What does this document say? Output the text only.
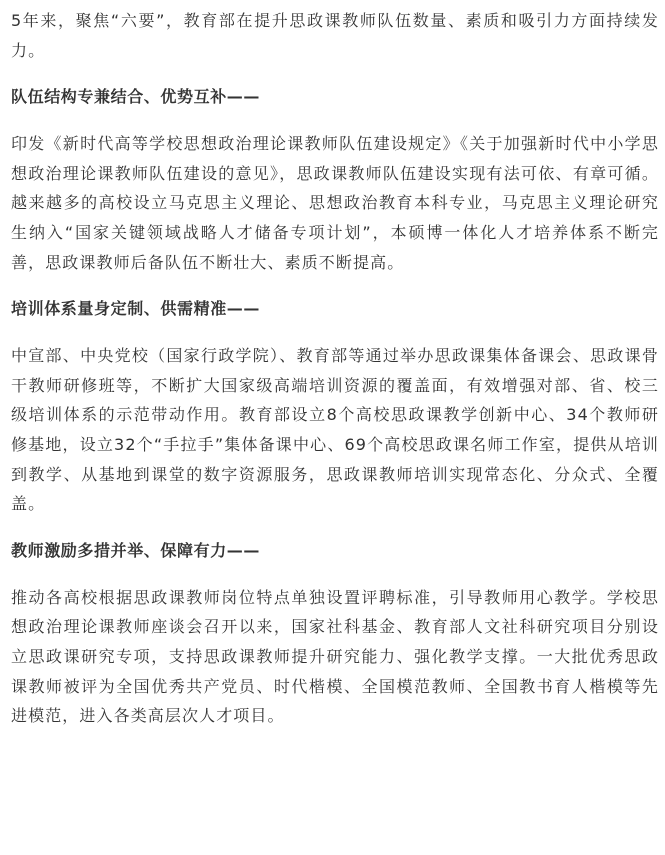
5年来，聚焦“六要”，教育部在提升思政课教师队伍数量、素质和吸引力方面持续发力。

队伍结构专兼结合、优势互补——

印发《新时代高等学校思想政治理论课教师队伍建设规定》《关于加强新时代中小学思想政治理论课教师队伍建设的意见》，思政课教师队伍建设实现有法可依、有章可循。越来越多的高校设立马克思主义理论、思想政治教育本科专业，马克思主义理论研究生纳入“国家关键领域战略人才储备专项计划”，本硕博一体化人才培养体系不断完善，思政课教师后备队伍不断壮大、素质不断提高。

培训体系量身定制、供需精准——

中宣部、中央党校（国家行政学院）、教育部等通过举办思政课集体备课会、思政课骨干教师研修班等，不断扩大国家级高端培训资源的覆盖面，有效增强对部、省、校三级培训体系的示范带动作用。教育部设立8个高校思政课教学创新中心、34个教师研修基地，设立32个“手拉手”集体备课中心、69个高校思政课名师工作室，提供从培训到教学、从基地到课堂的数字资源服务，思政课教师培训实现常态化、分众式、全覆盖。

教师激励多措并举、保障有力——

推动各高校根据思政课教师岗位特点单独设置评聘标准，引导教师用心教学。学校思想政治理论课教师座谈会召开以来，国家社科基金、教育部人文社科研究项目分别设立思政课研究专项，支持思政课教师提升研究能力、强化教学支撑。一大批优秀思政课教师被评为全国优秀共产党员、时代楷模、全国模范教师、全国教书育人楷模等先进模范，进入各类高层次人才项目。
